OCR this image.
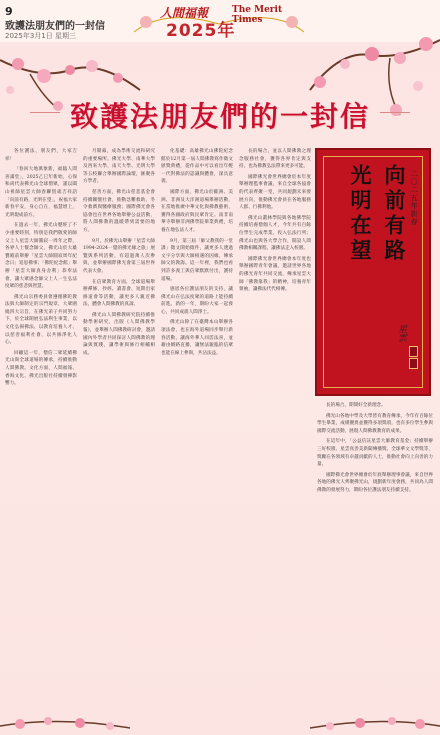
9
致護法朋友們的一封信
2025年3月1日 星期三
人間福報	The Merit Times
2025年
致護法朋友們的一封信

各位護法、朋友們，大家吉祥！

「春回大地萬象新，福臨人間喜滿堂」，2025乙巳年新始，心保和尚代表佛光山全球僧眾，謹以閩山祖師星雲大師春聯賀歲吉祥語「向前有路，光明在望」，祝福大家新春平安，身心自在，福慧增上，光明現成前方。

在過去一年，佛光山歷經了不少重要時刻，特別是我們敬愛的師父上人星雲大師圓寂一周年之際，各界人士懷念師父，佛光山於大雄寶殿前舉辦「星雲大師圓寂周年紀念日」追思佛事；「佛陀紀念館」舉辦「星雲大師真身舍利」恭奉法會，讓大眾感念師父上人一生弘法度眾的慈悲與智慧。

佛光山宗務委員會遵循佛陀教法與大師制定的宗門規章，大眾圍繞四大宗旨，在佛光弟子共同努力下，於全球開展弘法利生事業，以文化弘揚佛法、以教育培養人才、以慈善福利社會、以共修淨化人心。

回顧這一年，僧信二眾延續佛光山與全球道場的傳承，持續推動人間佛教。文化方面，人間福報、香海文化、佛光出版社持續發揮影響力。

月開幕，成為學術交流和研究的重要場所。佛光大學、南華大學及西來大學、南天大學、光明大學等五校聯合舉辦國際論壇，匯聚各方學者。

慈善方面，佛光山慈悲基金會持續關懷社會，推動急難救助、冬令救濟與醫療服務；國際佛光會各協會也在世界各地舉辦公益活動，將人間佛教的溫暖帶到需要的地方。

9月，於佛光山舉辦「星雲大師1994-2024一覺的佛光緣之旅」展覽與系列活動，有超過萬人次參與，並舉辦國際佛光會第三屆世界代表大會。

在信眾教育方面，全球道場舉辦禪修、抄經、讀書會、短期出家修道會等活動，讓更多人親近佛法，體會人間佛教的真諦。

佛光山人間佛教研究院持續推動學術研究，出版《人間佛教學報》，並舉辦人間佛教研討會，邀請國內外學者共同探討人間佛教的理論與實踐，讓學術與修行相輔相成。

化基礎：高雄佛光山佛陀紀念館於12月第一屆人間佛教寫作徵文頒獎典禮，從作品中可以看出年輕一代對佛法的認識與體會，深具意義。

國際方面，佛光山於歐洲、美洲、非洲及大洋洲道場舉辦活動，在當地推廣中華文化與佛教藝術，獲得各國政府與民眾肯定。南非南華寺舉辦非洲佛學院畢業典禮，培養在地弘法人才。

9月，第三屆「師父教我的一堂課」徵文開始徵件，讓更多人透過文字分享與大師相遇的因緣，傳承師父的教誨。這一年裡，我們也看到許多義工與信眾默默付出，護持道場。

感恩各位護法朋友的支持，讓佛光山在弘法度眾的道路上能持續前進。新的一年，期盼大家一起發心，共同成就人間淨土。

佛光山除了在臺灣本山舉辦各項法會，也在海外道場同步舉行新春活動，讓海外華人同霑法喜，並藉由網路直播，讓無法親臨的信眾也能在線上參與，共沾法益。

長的場合，並以人間佛教之理念服務社會，獲得各界肯定與支持，也為佛教弘法帶來更多可能。

國際佛光會世界總會於本年度舉辦理監事會議，來自全球各協會的代表齊聚一堂，共同規劃未來發展方向，推動佛光會員在各地服務人群、行佛利他。

佛光山叢林學院與各地佛學院持續培養僧伽人才，今年共有百餘位學生完成學業，投入弘法行列；佛光山也與各大學合作，開設人間佛教相關課程，讓佛法走入校園。

國際佛光會世界總會本年度也舉辦國際青年會議，邀請世界各地的佛光青年共同交流，傳承星雲大師「佛教靠我」的精神，培養青年領袖，讓佛法代代相傳。

長的場合，期間好全新理念。

佛光山各地中學及大學皆有教育傳承，今年有百餘位學生畢業，成績優異並獲得多項獎項，也有多位學生參與國際交流活動，展現人間佛教教育的成果。

在這年中，「公益信託星雲大師教育基金」持續舉辦三好校園、星雲真善美新聞傳播獎、全球華文文學獎等，獎勵在各領域有卓越貢獻的人士，推動社會向上向善的力量。

國際佛光會世界總會於年底舉辦理事會議，來自世界各地的佛光人齊聚佛光山，規劃新年度會務，共同為人間佛教的發展努力，期盼各位護法朋友持續支持。

二〇二五年新春
向前有路
光明在望
星雲
